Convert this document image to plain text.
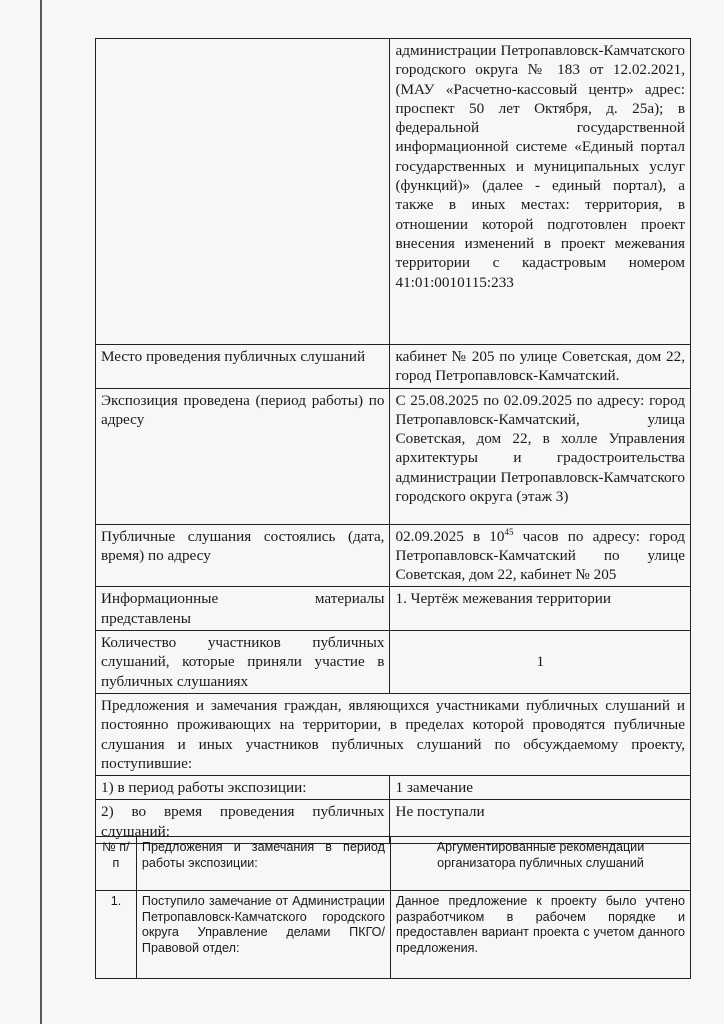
	администрации Петропавловск-Камчатского городского округа № 183 от 12.02.2021, (МАУ «Расчетно-кассовый центр» адрес: проспект 50 лет Октября, д. 25а); в федеральной государственной информационной системе «Единый портал государственных и муниципальных услуг (функций)» (далее - единый портал), а также в иных местах: территория, в отношении которой подготовлен проект внесения изменений в проект межевания территории с кадастровым номером 41:01:0010115:233
Место проведения публичных слушаний	кабинет № 205 по улице Советская, дом 22, город Петропавловск-Камчатский.
Экспозиция проведена (период работы) по адресу	С 25.08.2025 по 02.09.2025 по адресу: город Петропавловск-Камчатский, улица Советская, дом 22, в холле Управления архитектуры и градостроительства администрации Петропавловск-Камчатского городского округа (этаж 3)
Публичные слушания состоялись (дата, время) по адресу	02.09.2025 в $10^{45}$ часов по адресу: город Петропавловск-Камчатский по улице Советская, дом 22, кабинет № 205
Информационные материалы представлены	1. Чертёж межевания территории
Количество участников публичных слушаний, которые приняли участие в публичных слушаниях	1
Предложения и замечания граждан, являющихся участниками публичных слушаний и постоянно проживающих на территории, в пределах которой проводятся публичные слушания и иных участников публичных слушаний по обсуждаемому проекту, поступившие:	
1) в период работы экспозиции:	1 замечание
2) во время проведения публичных слушаний:	Не поступали
№ п/п	Предложения и замечания в период работы экспозиции:	Аргументированные рекомендации организатора публичных слушаний
1.	Поступило замечание от Администрации Петропавловск-Камчатского городского округа Управление делами ПКГО/Правовой отдел:	Данное предложение к проекту было учтено разработчиком в рабочем порядке и предоставлен вариант проекта с учетом данного предложения.
